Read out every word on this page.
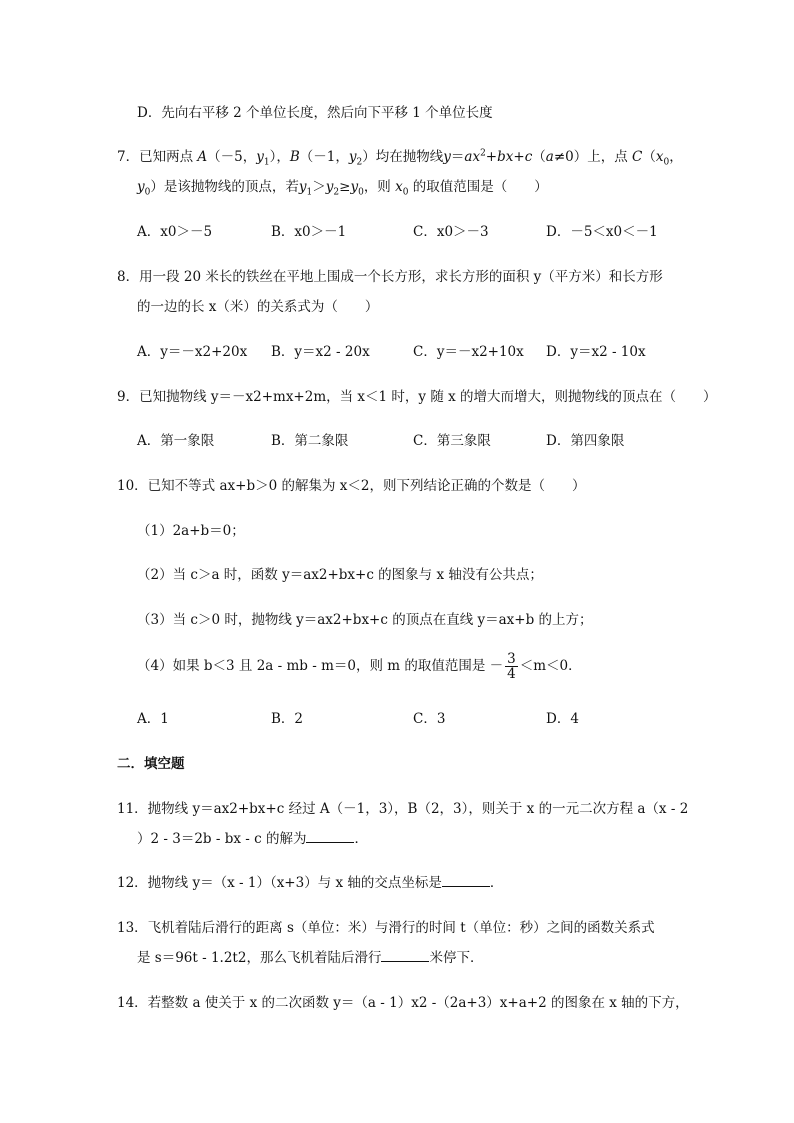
D．先向右平移 2 个单位长度，然后向下平移 1 个单位长度
7．已知两点 A（－5，$y_1$），B（－1，$y_2$）均在抛物线$y=ax^2+bx+c(a\ne 0)$上，点 $C(x_0$，
$y_0$）是该抛物线的顶点，若$y_1>y_2\ge y_0$，则 $x_0$ 的取值范围是（　　）
A．x0＞－5	B．x0＞－1	C．x0＞－3	D．－5＜x0＜－1
8．用一段 20 米长的铁丝在平地上围成一个长方形，求长方形的面积 y（平方米）和长方形
的一边的长 x（米）的关系式为（　　）
A．y＝－x2+20x B．y＝x2 - 20x	C．y＝－x2+10x D．y＝x2 - 10x
9．已知抛物线 y＝－x2+mx+2m，当 x＜1 时，y 随 x 的增大而增大，则抛物线的顶点在（　　）
A．第一象限	B．第二象限	C．第三象限	D．第四象限
10．已知不等式 ax+b＞0 的解集为 x＜2，则下列结论正确的个数是（　　）
（1）2a+b＝0；
（2）当 c＞a 时，函数 y＝ax2+bx+c 的图象与 x 轴没有公共点；
（3）当 c＞0 时，抛物线 y＝ax2+bx+c 的顶点在直线 y＝ax+b 的上方；
（4）如果 b＜3 且 2a - mb - m＝0，则 m 的取值范围是 － $\frac{3}{4} <m<0$．
A．1	B．2	C．3	D．4
二．填空题
11．抛物线 y＝ax2+bx+c 经过 A（－1，3），B（2，3），则关于 x 的一元二次方程 a（x - 2
）2 - 3＝2b - bx - c 的解为	．
12．抛物线 y＝（x - 1）（x+3）与 x 轴的交点坐标是	．
13．飞机着陆后滑行的距离 s（单位：米）与滑行的时间 t（单位：秒）之间的函数关系式
是 s＝96t - 1.2t2，那么飞机着陆后滑行	米停下．
14．若整数 a 使关于 x 的二次函数 y＝（a - 1）x2 -（2a+3）x+a+2 的图象在 x 轴的下方，
